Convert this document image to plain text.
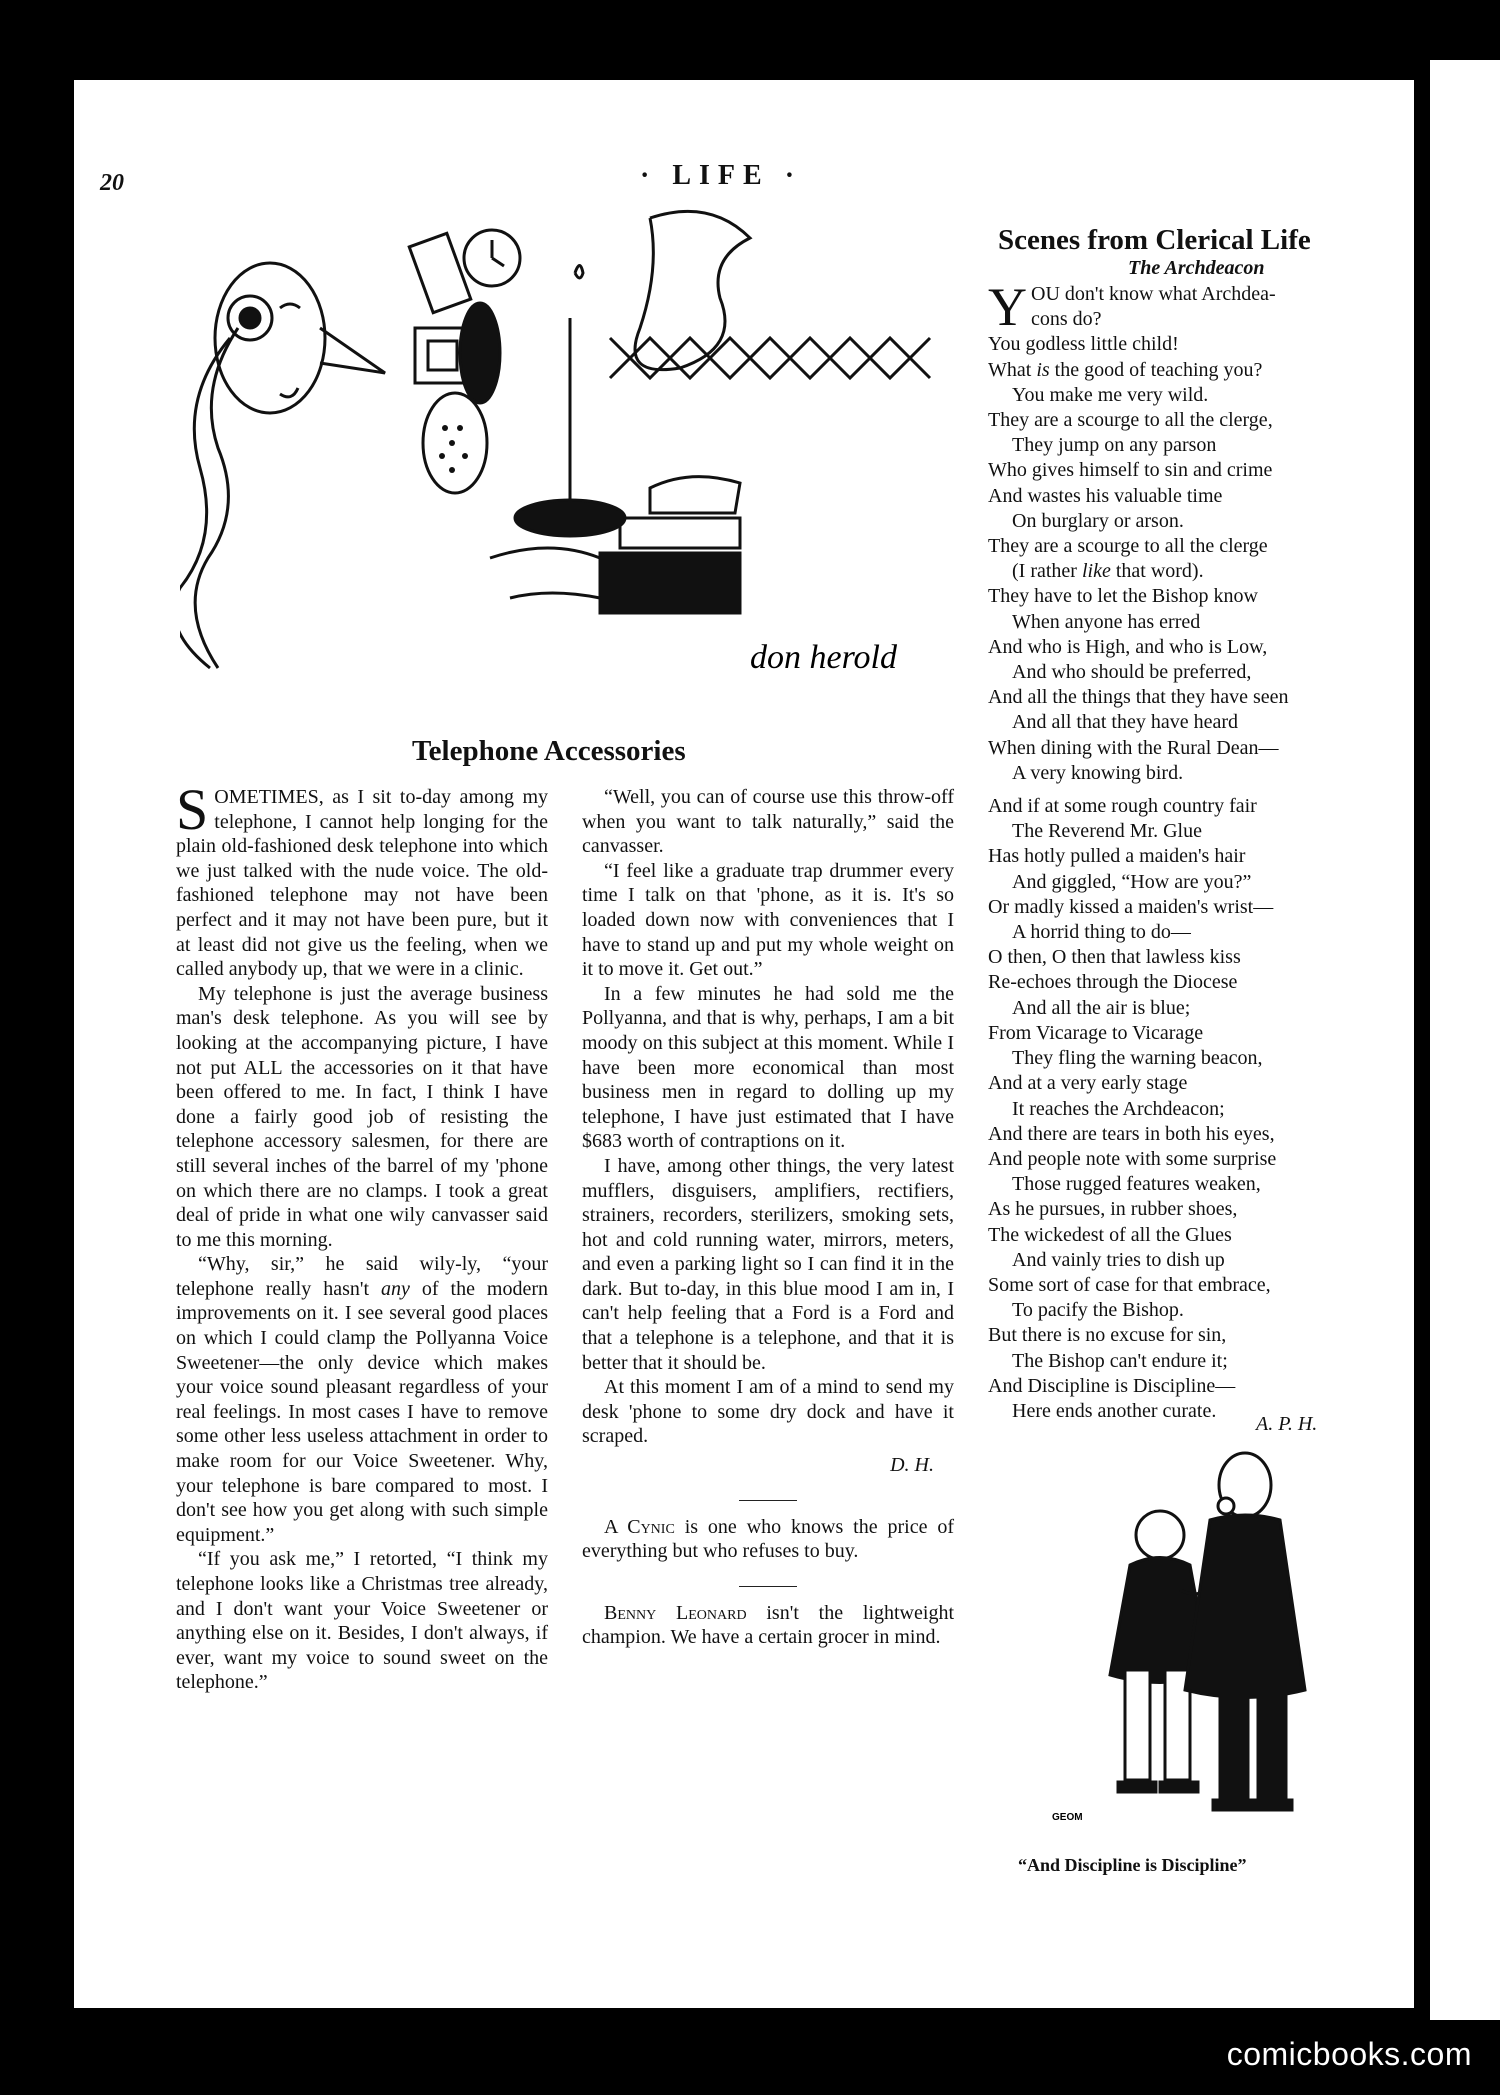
20	· LIFE ·
don herold
Telephone Accessories

SOMETIMES, as I sit to-day among my telephone, I cannot help longing for the plain old-fashioned desk telephone into which we just talked with the nude voice. The old-fashioned telephone may not have been perfect and it may not have been pure, but it at least did not give us the feeling, when we called anybody up, that we were in a clinic.

My telephone is just the average business man's desk telephone. As you will see by looking at the accompanying picture, I have not put ALL the accessories on it that have been offered to me. In fact, I think I have done a fairly good job of resisting the telephone accessory salesmen, for there are still several inches of the barrel of my 'phone on which there are no clamps. I took a great deal of pride in what one wily canvasser said to me this morning.

“Why, sir,” he said wily-ly, “your telephone really hasn't any of the modern improvements on it. I see several good places on which I could clamp the Pollyanna Voice Sweetener—the only device which makes your voice sound pleasant regardless of your real feelings. In most cases I have to remove some other less useless attachment in order to make room for our Voice Sweetener. Why, your telephone is bare compared to most. I don't see how you get along with such simple equipment.”

“If you ask me,” I retorted, “I think my telephone looks like a Christmas tree already, and I don't want your Voice Sweetener or anything else on it. Besides, I don't always, if ever, want my voice to sound sweet on the telephone.”

“Well, you can of course use this throw-off when you want to talk naturally,” said the canvasser.

“I feel like a graduate trap drummer every time I talk on that 'phone, as it is. It's so loaded down now with conveniences that I have to stand up and put my whole weight on it to move it. Get out.”

In a few minutes he had sold me the Pollyanna, and that is why, perhaps, I am a bit moody on this subject at this moment. While I have been more economical than most business men in regard to dolling up my telephone, I have just estimated that I have $683 worth of contraptions on it.

I have, among other things, the very latest mufflers, disguisers, amplifiers, rectifiers, strainers, recorders, sterilizers, smoking sets, hot and cold running water, mirrors, meters, and even a parking light so I can find it in the dark. But to-day, in this blue mood I am in, I can't help feeling that a Ford is a Ford and that a telephone is a telephone, and that it is better that it should be.

At this moment I am of a mind to send my desk 'phone to some dry dock and have it scraped.

D. H.

A Cynic is one who knows the price of everything but who refuses to buy.

Benny Leonard isn't the lightweight champion. We have a certain grocer in mind.

Scenes from Clerical Life
The Archdeacon
YOU don't know what Archdea-
cons do?
You godless little child!
What is the good of teaching you?
You make me very wild.
They are a scourge to all the clerge,
They jump on any parson
Who gives himself to sin and crime
And wastes his valuable time
On burglary or arson.
They are a scourge to all the clerge
(I rather like that word).
They have to let the Bishop know
When anyone has erred
And who is High, and who is Low,
And who should be preferred,
And all the things that they have seen
And all that they have heard
When dining with the Rural Dean—
A very knowing bird.
And if at some rough country fair
The Reverend Mr. Glue
Has hotly pulled a maiden's hair
And giggled, “How are you?”
Or madly kissed a maiden's wrist—
A horrid thing to do—
O then, O then that lawless kiss
Re-echoes through the Diocese
And all the air is blue;
From Vicarage to Vicarage
They fling the warning beacon,
And at a very early stage
It reaches the Archdeacon;
And there are tears in both his eyes,
And people note with some surprise
Those rugged features weaken,
As he pursues, in rubber shoes,
The wickedest of all the Glues
And vainly tries to dish up
Some sort of case for that embrace,
To pacify the Bishop.
But there is no excuse for sin,
The Bishop can't endure it;
And Discipline is Discipline—
Here ends another curate.
A. P. H.
GEOM
“And Discipline is Discipline”
comicbooks.com
